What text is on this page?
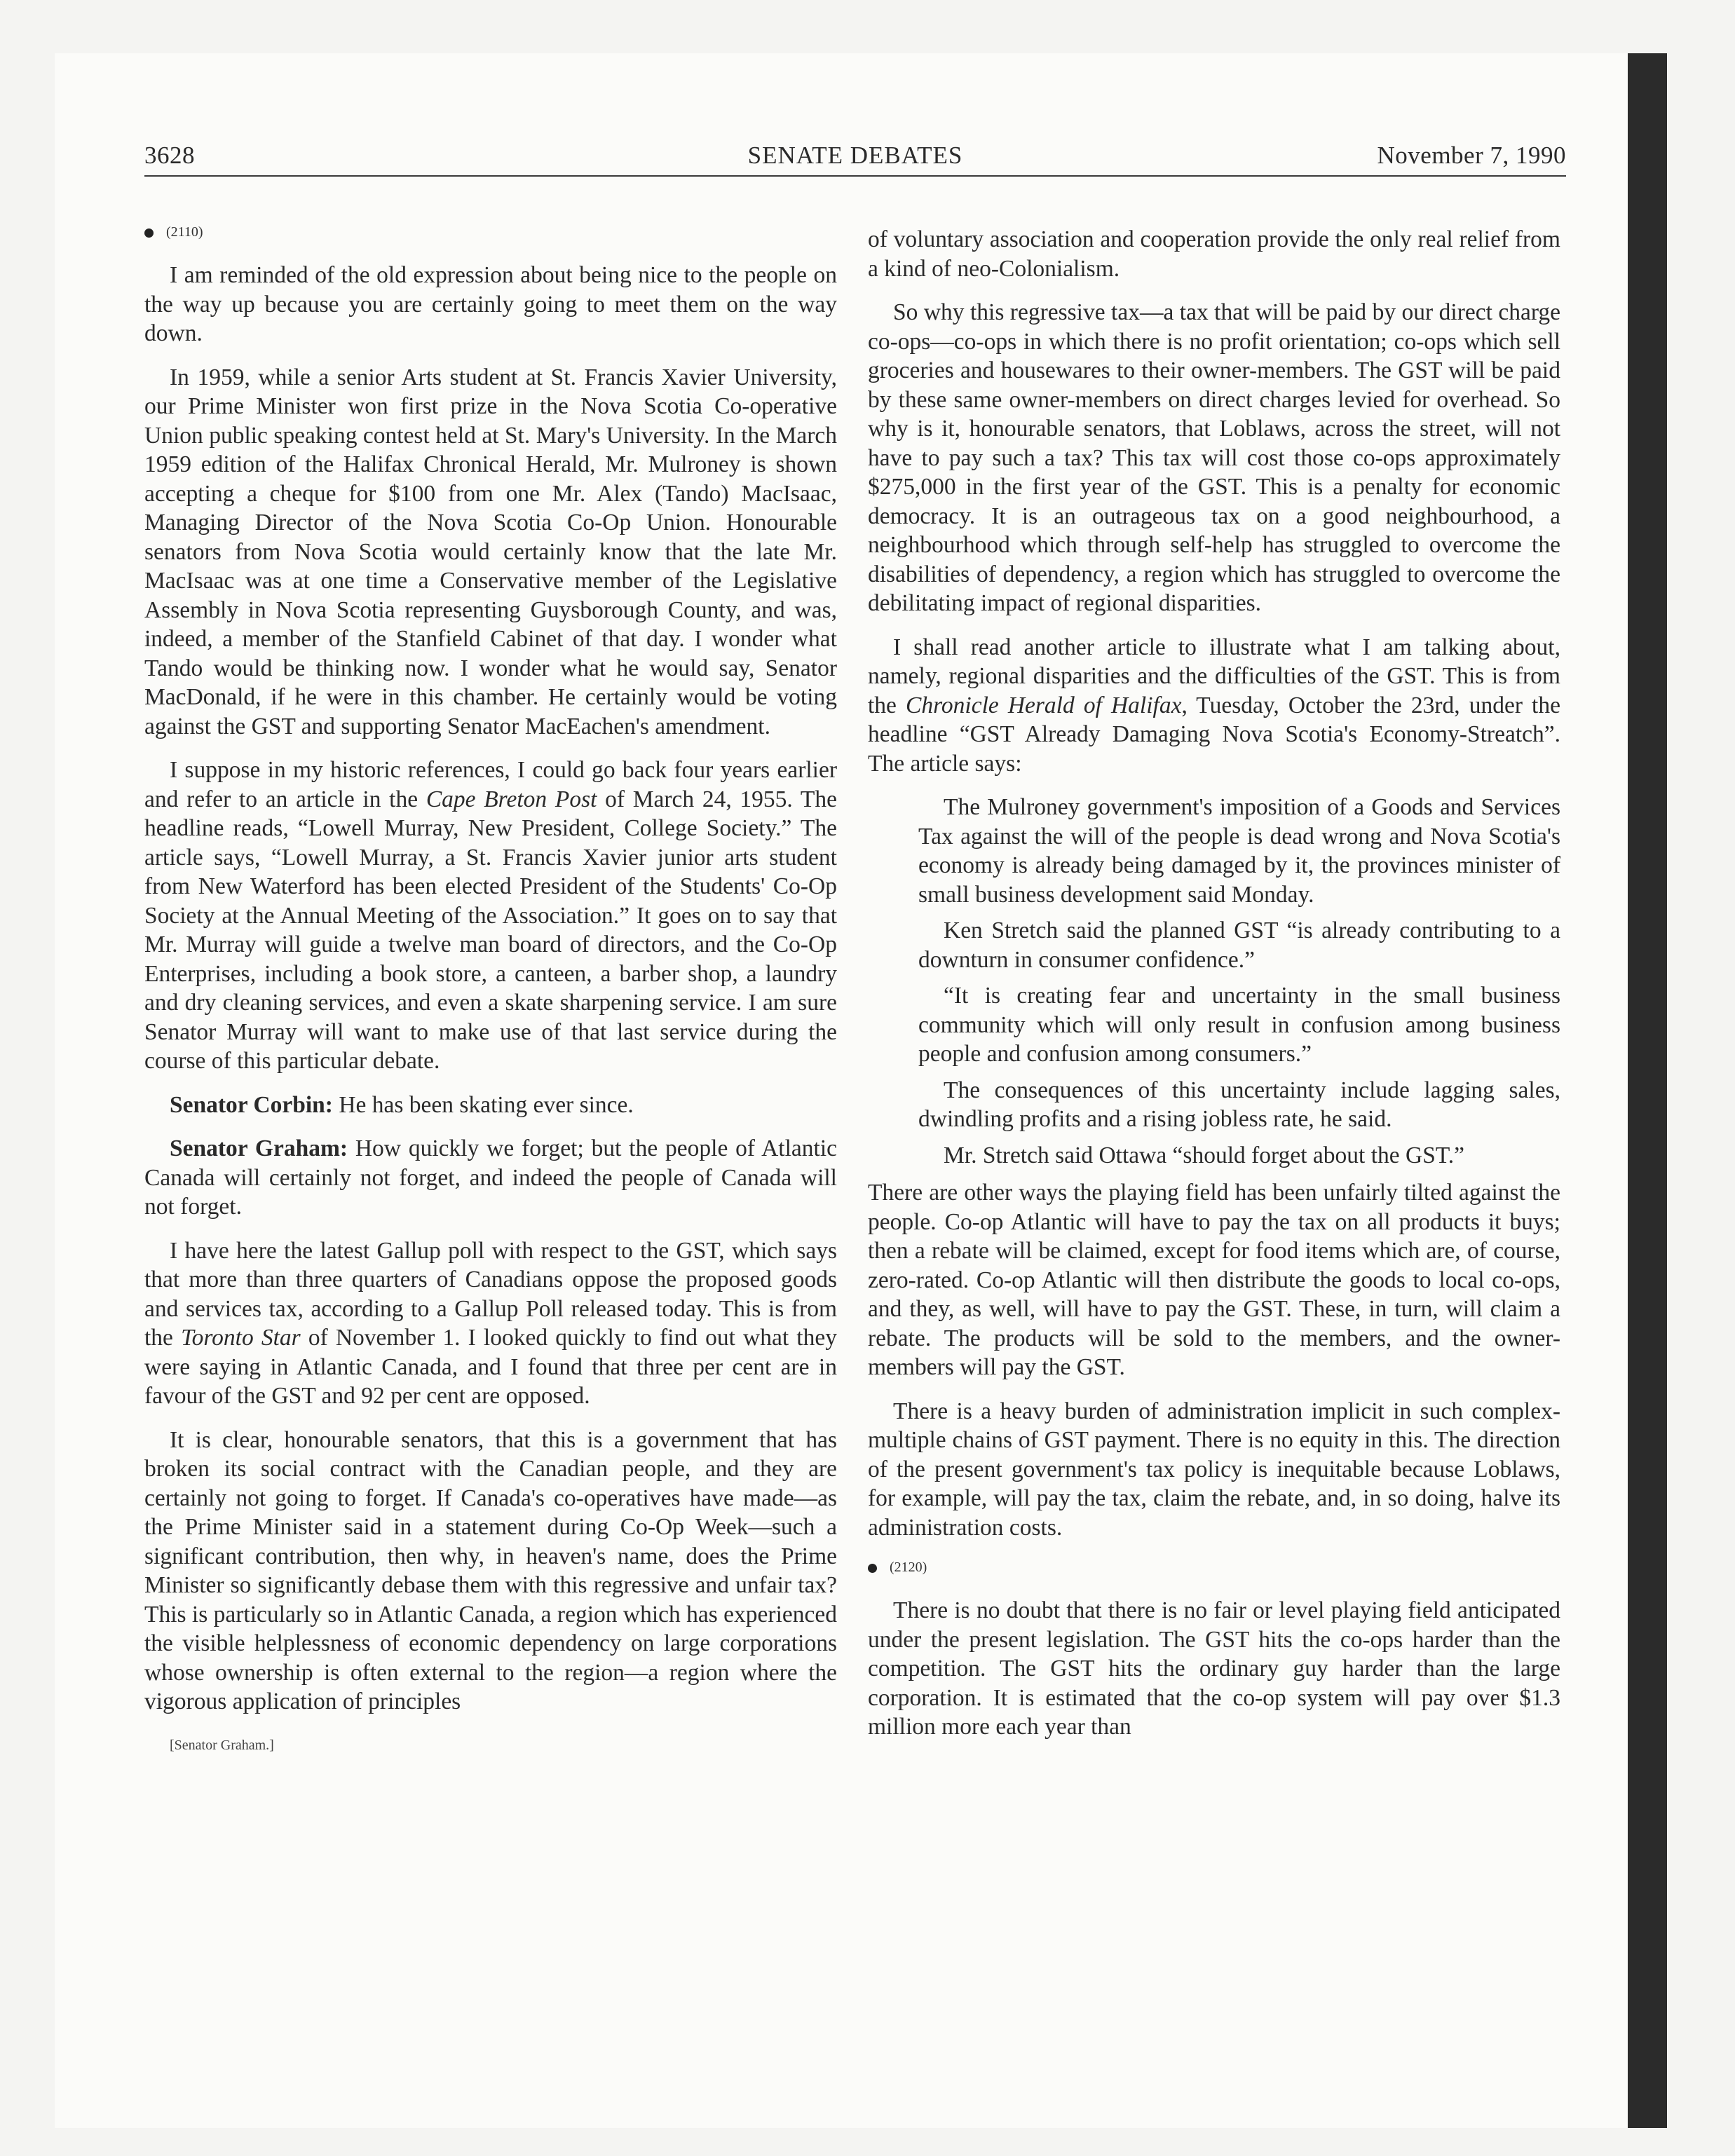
3628	SENATE DEBATES	November 7, 1990
(2110)

I am reminded of the old expression about being nice to the people on the way up because you are certainly going to meet them on the way down.

In 1959, while a senior Arts student at St. Francis Xavier University, our Prime Minister won first prize in the Nova Scotia Co-operative Union public speaking contest held at St. Mary's University. In the March 1959 edition of the Halifax Chronical Herald, Mr. Mulroney is shown accepting a cheque for $100 from one Mr. Alex (Tando) MacIsaac, Managing Director of the Nova Scotia Co-Op Union. Honourable senators from Nova Scotia would certainly know that the late Mr. MacIsaac was at one time a Conservative member of the Legislative Assembly in Nova Scotia representing Guysborough County, and was, indeed, a member of the Stanfield Cabinet of that day. I wonder what Tando would be thinking now. I wonder what he would say, Senator MacDonald, if he were in this chamber. He certainly would be voting against the GST and supporting Senator MacEachen's amendment.

I suppose in my historic references, I could go back four years earlier and refer to an article in the Cape Breton Post of March 24, 1955. The headline reads, “Lowell Murray, New President, College Society.” The article says, “Lowell Murray, a St. Francis Xavier junior arts student from New Waterford has been elected President of the Students' Co-Op Society at the Annual Meeting of the Association.” It goes on to say that Mr. Murray will guide a twelve man board of directors, and the Co-Op Enterprises, including a book store, a canteen, a barber shop, a laundry and dry cleaning services, and even a skate sharpening service. I am sure Senator Murray will want to make use of that last service during the course of this particular debate.

Senator Corbin: He has been skating ever since.

Senator Graham: How quickly we forget; but the people of Atlantic Canada will certainly not forget, and indeed the people of Canada will not forget.

I have here the latest Gallup poll with respect to the GST, which says that more than three quarters of Canadians oppose the proposed goods and services tax, according to a Gallup Poll released today. This is from the Toronto Star of November 1. I looked quickly to find out what they were saying in Atlantic Canada, and I found that three per cent are in favour of the GST and 92 per cent are opposed.

It is clear, honourable senators, that this is a government that has broken its social contract with the Canadian people, and they are certainly not going to forget. If Canada's co-operatives have made—as the Prime Minister said in a statement during Co-Op Week—such a significant contribution, then why, in heaven's name, does the Prime Minister so significantly debase them with this regressive and unfair tax? This is particularly so in Atlantic Canada, a region which has experienced the visible helplessness of economic dependency on large corporations whose ownership is often external to the region—a region where the vigorous application of principles

[Senator Graham.]

of voluntary association and cooperation provide the only real relief from a kind of neo-Colonialism.

So why this regressive tax—a tax that will be paid by our direct charge co-ops—co-ops in which there is no profit orientation; co-ops which sell groceries and housewares to their owner-members. The GST will be paid by these same owner-members on direct charges levied for overhead. So why is it, honourable senators, that Loblaws, across the street, will not have to pay such a tax? This tax will cost those co-ops approximately $275,000 in the first year of the GST. This is a penalty for economic democracy. It is an outrageous tax on a good neighbourhood, a neighbourhood which through self-help has struggled to overcome the disabilities of dependency, a region which has struggled to overcome the debilitating impact of regional disparities.

I shall read another article to illustrate what I am talking about, namely, regional disparities and the difficulties of the GST. This is from the Chronicle Herald of Halifax, Tuesday, October the 23rd, under the headline “GST Already Damaging Nova Scotia's Economy-Streatch”. The article says:

The Mulroney government's imposition of a Goods and Services Tax against the will of the people is dead wrong and Nova Scotia's economy is already being damaged by it, the provinces minister of small business development said Monday.

Ken Stretch said the planned GST “is already contributing to a downturn in consumer confidence.”

“It is creating fear and uncertainty in the small business community which will only result in confusion among business people and confusion among consumers.”

The consequences of this uncertainty include lagging sales, dwindling profits and a rising jobless rate, he said.

Mr. Stretch said Ottawa “should forget about the GST.”

There are other ways the playing field has been unfairly tilted against the people. Co-op Atlantic will have to pay the tax on all products it buys; then a rebate will be claimed, except for food items which are, of course, zero-rated. Co-op Atlantic will then distribute the goods to local co-ops, and they, as well, will have to pay the GST. These, in turn, will claim a rebate. The products will be sold to the members, and the owner-members will pay the GST.

There is a heavy burden of administration implicit in such complex-multiple chains of GST payment. There is no equity in this. The direction of the present government's tax policy is inequitable because Loblaws, for example, will pay the tax, claim the rebate, and, in so doing, halve its administration costs.

(2120)

There is no doubt that there is no fair or level playing field anticipated under the present legislation. The GST hits the co-ops harder than the competition. The GST hits the ordinary guy harder than the large corporation. It is estimated that the co-op system will pay over $1.3 million more each year than
